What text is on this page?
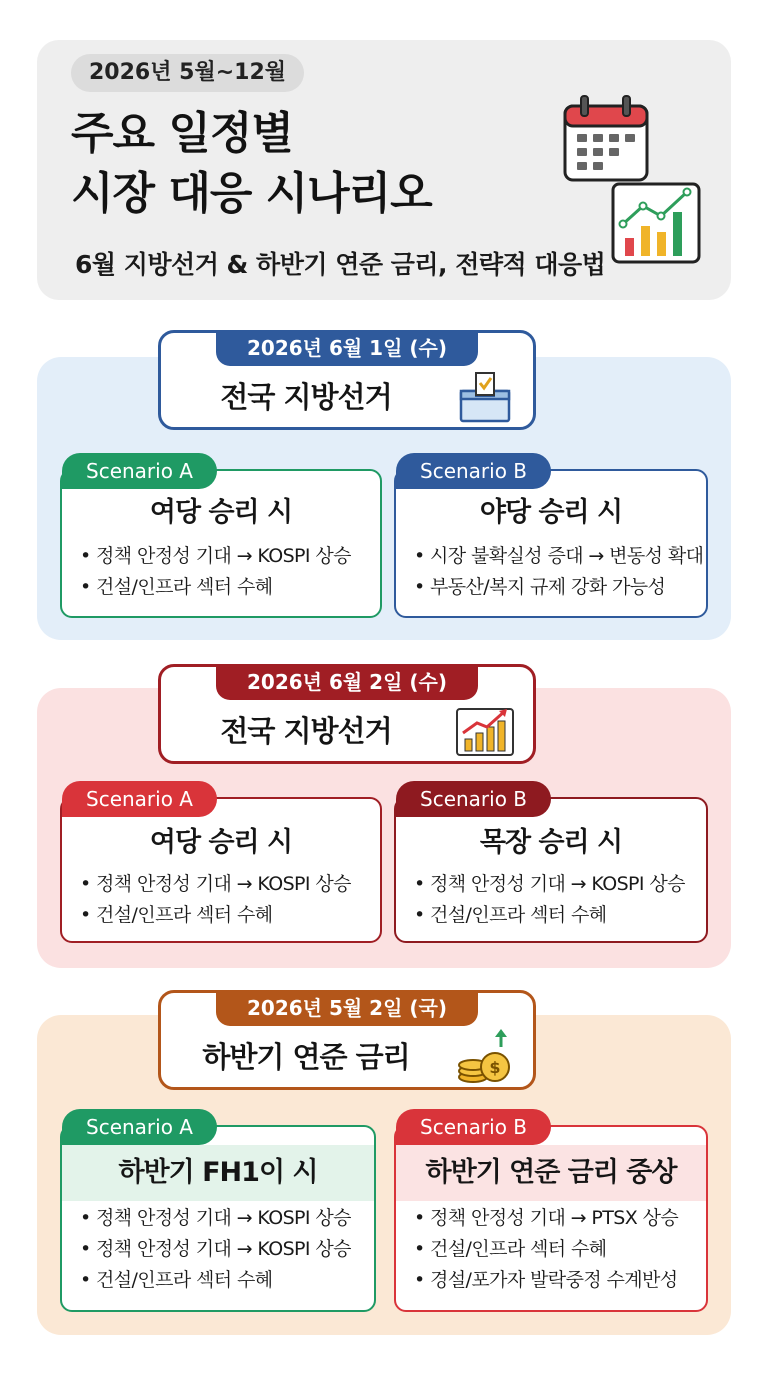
2026년 5월~12월
주요 일정별
시장 대응 시나리오
6월 지방선거 & 하반기 연준 금리, 전략적 대응법
2026년 6월 1일 (수)
전국 지방선거
Scenario A
여당 승리 시
• 정책 안정성 기대 → KOSPI 상승
• 건설/인프라 섹터 수혜
Scenario B
야당 승리 시
• 시장 불확실성 증대 → 변동성 확대
• 부동산/복지 규제 강화 가능성
2026년 6월 2일 (수)
전국 지방선거
Scenario A
여당 승리 시
• 정책 안정성 기대 → KOSPI 상승
• 건설/인프라 섹터 수혜
Scenario B
목장 승리 시
• 정책 안정성 기대 → KOSPI 상승
• 건설/인프라 섹터 수혜
2026년 5월 2일 (국)
하반기 연준 금리	$
Scenario A
하반기 FH1이 시
• 정책 안정성 기대 → KOSPI 상승
• 정책 안정성 기대 → KOSPI 상승
• 건설/인프라 섹터 수혜
Scenario B
하반기 연준 금리 중상
• 정책 안정성 기대 → PTSX 상승
• 건설/인프라 섹터 수혜
• 경설/포가자 발락중정 수계반성
